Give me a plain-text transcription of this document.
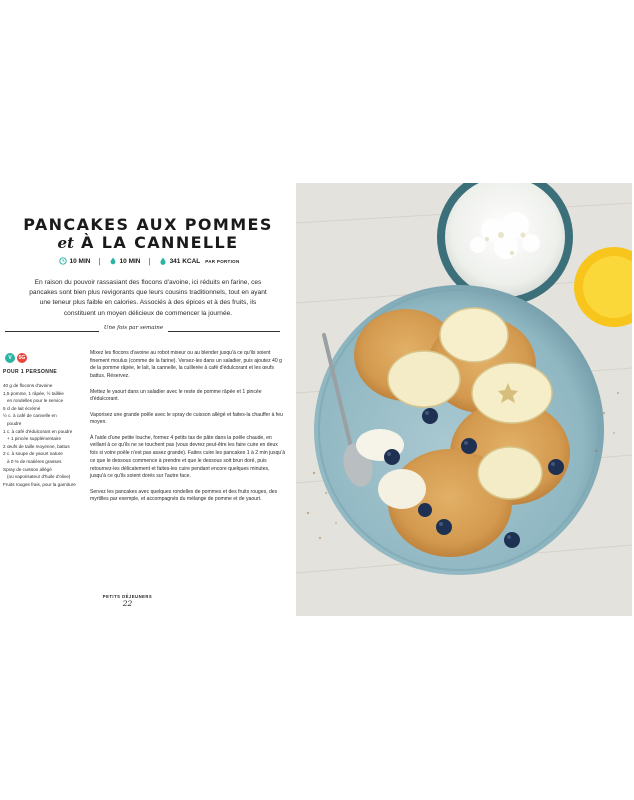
PANCAKES AUX POMMES
et À LA CANNELLE
10 MIN |	10 MIN |	341 KCAL PAR PORTION
En raison du pouvoir rassasiant des flocons d'avoine, ici réduits en farine, ces pancakes sont bien plus revigorants que leurs cousins traditionnels, tout en ayant une teneur plus faible en calories. Associés à des épices et à des fruits, ils constituent un moyen délicieux de commencer la journée.
Une fois par semaine
V	5G
POUR 1 PERSONNE
40 g de flocons d'avoine
1,5 pomme, 1 râpée, ½ taillée
en rondelles pour le service
5 cl de lait écrémé
½ c. à café de cannelle en
poudre
1 c. à café d'édulcorant en poudre
+ 1 pincée supplémentaire
2 œufs de taille moyenne, battus
2 c. à soupe de yaourt nature
à 0 % de matières grasses
Spray de cuisson allégé
(ou vaporisateur d'huile d'olive)
Fruits rouges frais, pour la garniture

Mixez les flocons d'avoine au robot mixeur ou au blender jusqu'à ce qu'ils soient finement moulus (comme de la farine). Versez-les dans un saladier, puis ajoutez 40 g de la pomme râpée, le lait, la cannelle, la cuillerée à café d'édulcorant et les œufs battus. Réservez.

Mettez le yaourt dans un saladier avec le reste de pomme râpée et 1 pincée d'édulcorant.

Vaporisez une grande poêle avec le spray de cuisson allégé et faites-la chauffer à feu moyen.

À l'aide d'une petite louche, formez 4 petits tas de pâte dans la poêle chaude, en veillant à ce qu'ils ne se touchent pas (vous devrez peut-être les faire cuire en deux fois si votre poêle n'est pas assez grande). Faites cuire les pancakes 1 à 2 min jusqu'à ce que le dessous commence à prendre et que le dessous soit brun doré, puis retournez-les délicatement et faites-les cuire pendant encore quelques minutes, jusqu'à ce qu'ils soient dorés sur l'autre face.

Servez les pancakes avec quelques rondelles de pommes et des fruits rouges, des myrtilles par exemple, et accompagnés du mélange de pomme et de yaourt.

PETITS DÉJEUNERS
22
